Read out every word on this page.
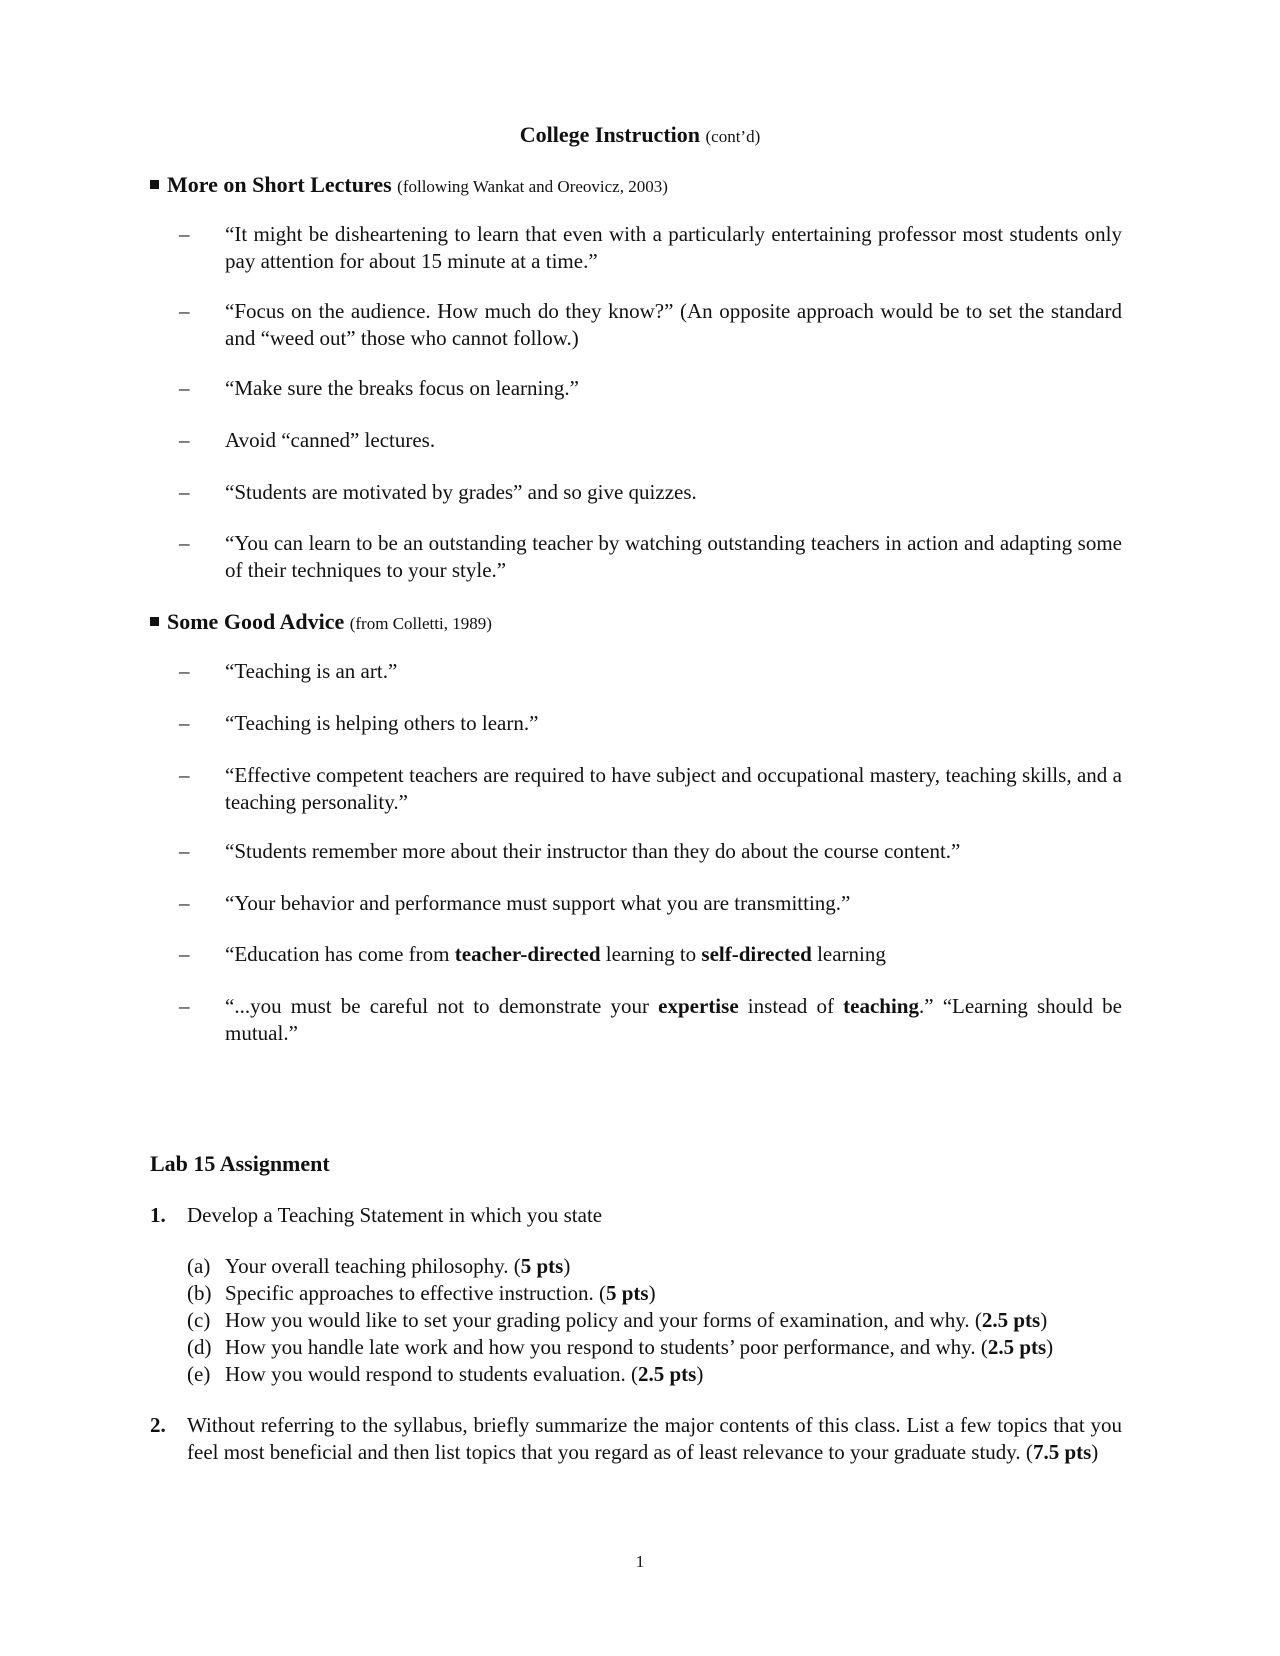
College Instruction (cont’d)
More on Short Lectures (following Wankat and Oreovicz, 2003)
– “It might be disheartening to learn that even with a particularly entertaining professor most students only pay attention for about 15 minute at a time.”
– “Focus on the audience. How much do they know?” (An opposite approach would be to set the standard and “weed out” those who cannot follow.)
– “Make sure the breaks focus on learning.”
– Avoid “canned” lectures.
– “Students are motivated by grades” and so give quizzes.
– “You can learn to be an outstanding teacher by watching outstanding teachers in action and adapting some of their techniques to your style.”
Some Good Advice (from Colletti, 1989)
– “Teaching is an art.”
– “Teaching is helping others to learn.”
– “Effective competent teachers are required to have subject and occupational mastery, teaching skills, and a teaching personality.”
– “Students remember more about their instructor than they do about the course content.”
– “Your behavior and performance must support what you are transmitting.”
– “Education has come from teacher-directed learning to self-directed learning
– “...you must be careful not to demonstrate your expertise instead of teaching.” “Learning should be mutual.”
Lab 15 Assignment
1. Develop a Teaching Statement in which you state
(a) Your overall teaching philosophy. (5 pts)
(b) Specific approaches to effective instruction. (5 pts)
(c) How you would like to set your grading policy and your forms of examination, and why. (2.5 pts)
(d) How you handle late work and how you respond to students’ poor performance, and why. (2.5 pts)
(e) How you would respond to students evaluation. (2.5 pts)
2. Without referring to the syllabus, briefly summarize the major contents of this class. List a few topics that you feel most beneficial and then list topics that you regard as of least relevance to your graduate study. (7.5 pts)
1
